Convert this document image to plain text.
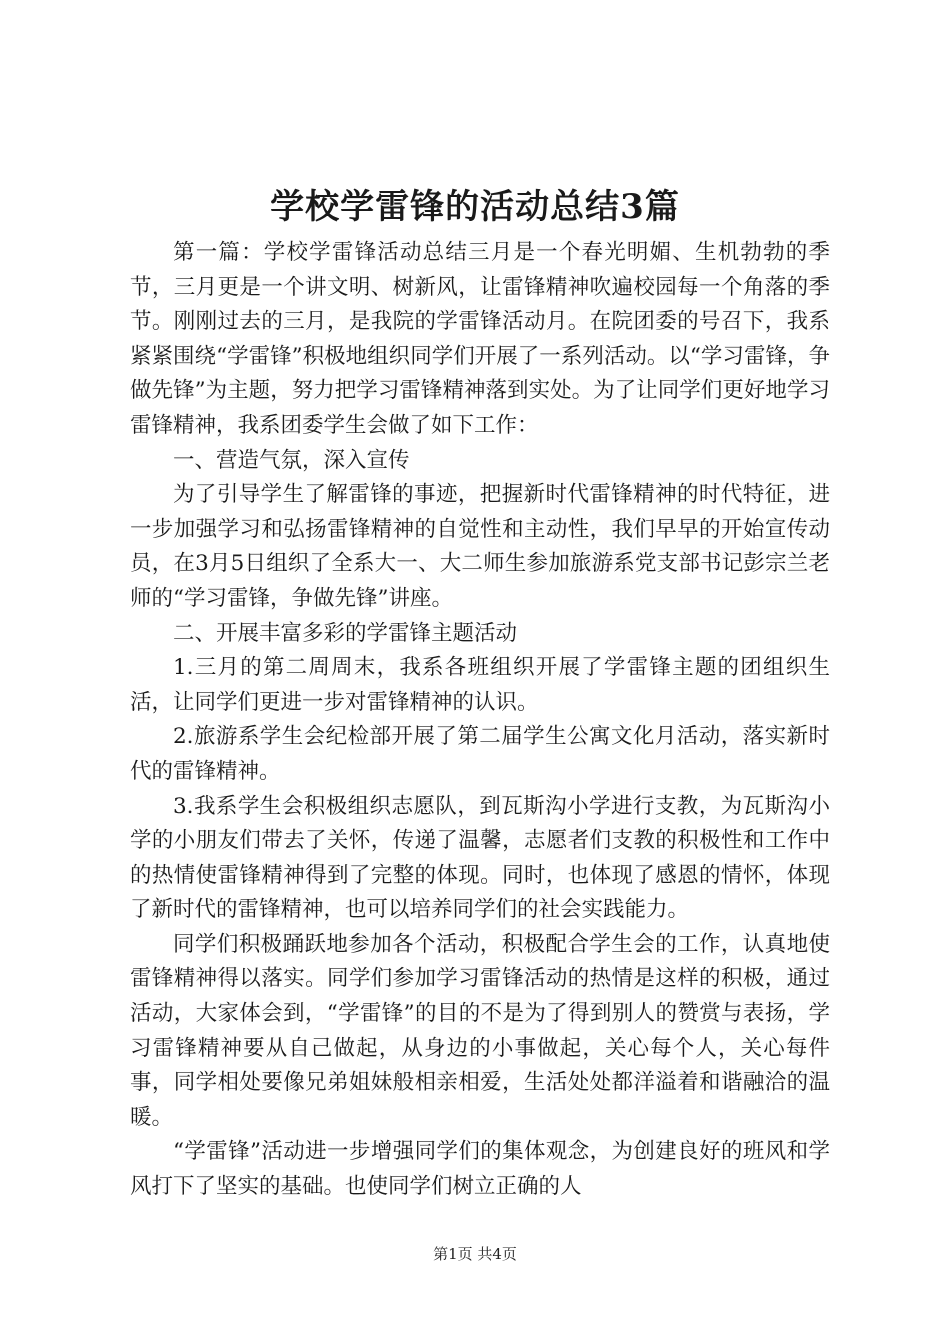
学校学雷锋的活动总结3篇

第一篇：学校学雷锋活动总结三月是一个春光明媚、生机勃勃的季节，三月更是一个讲文明、树新风，让雷锋精神吹遍校园每一个角落的季节。刚刚过去的三月，是我院的学雷锋活动月。在院团委的号召下，我系紧紧围绕“学雷锋”积极地组织同学们开展了一系列活动。以“学习雷锋，争做先锋”为主题，努力把学习雷锋精神落到实处。为了让同学们更好地学习雷锋精神，我系团委学生会做了如下工作：

一、营造气氛，深入宣传

为了引导学生了解雷锋的事迹，把握新时代雷锋精神的时代特征，进一步加强学习和弘扬雷锋精神的自觉性和主动性，我们早早的开始宣传动员，在3月5日组织了全系大一、大二师生参加旅游系党支部书记彭宗兰老师的“学习雷锋，争做先锋”讲座。

二、开展丰富多彩的学雷锋主题活动

1.三月的第二周周末，我系各班组织开展了学雷锋主题的团组织生活，让同学们更进一步对雷锋精神的认识。

2.旅游系学生会纪检部开展了第二届学生公寓文化月活动，落实新时代的雷锋精神。

3.我系学生会积极组织志愿队，到瓦斯沟小学进行支教，为瓦斯沟小学的小朋友们带去了关怀，传递了温馨，志愿者们支教的积极性和工作中的热情使雷锋精神得到了完整的体现。同时，也体现了感恩的情怀，体现了新时代的雷锋精神，也可以培养同学们的社会实践能力。

同学们积极踊跃地参加各个活动，积极配合学生会的工作，认真地使雷锋精神得以落实。同学们参加学习雷锋活动的热情是这样的积极，通过活动，大家体会到，“学雷锋”的目的不是为了得到别人的赞赏与表扬，学习雷锋精神要从自己做起，从身边的小事做起，关心每个人，关心每件事，同学相处要像兄弟姐妹般相亲相爱，生活处处都洋溢着和谐融洽的温暖。

“学雷锋”活动进一步增强同学们的集体观念，为创建良好的班风和学风打下了坚实的基础。也使同学们树立正确的人

第1页 共4页
